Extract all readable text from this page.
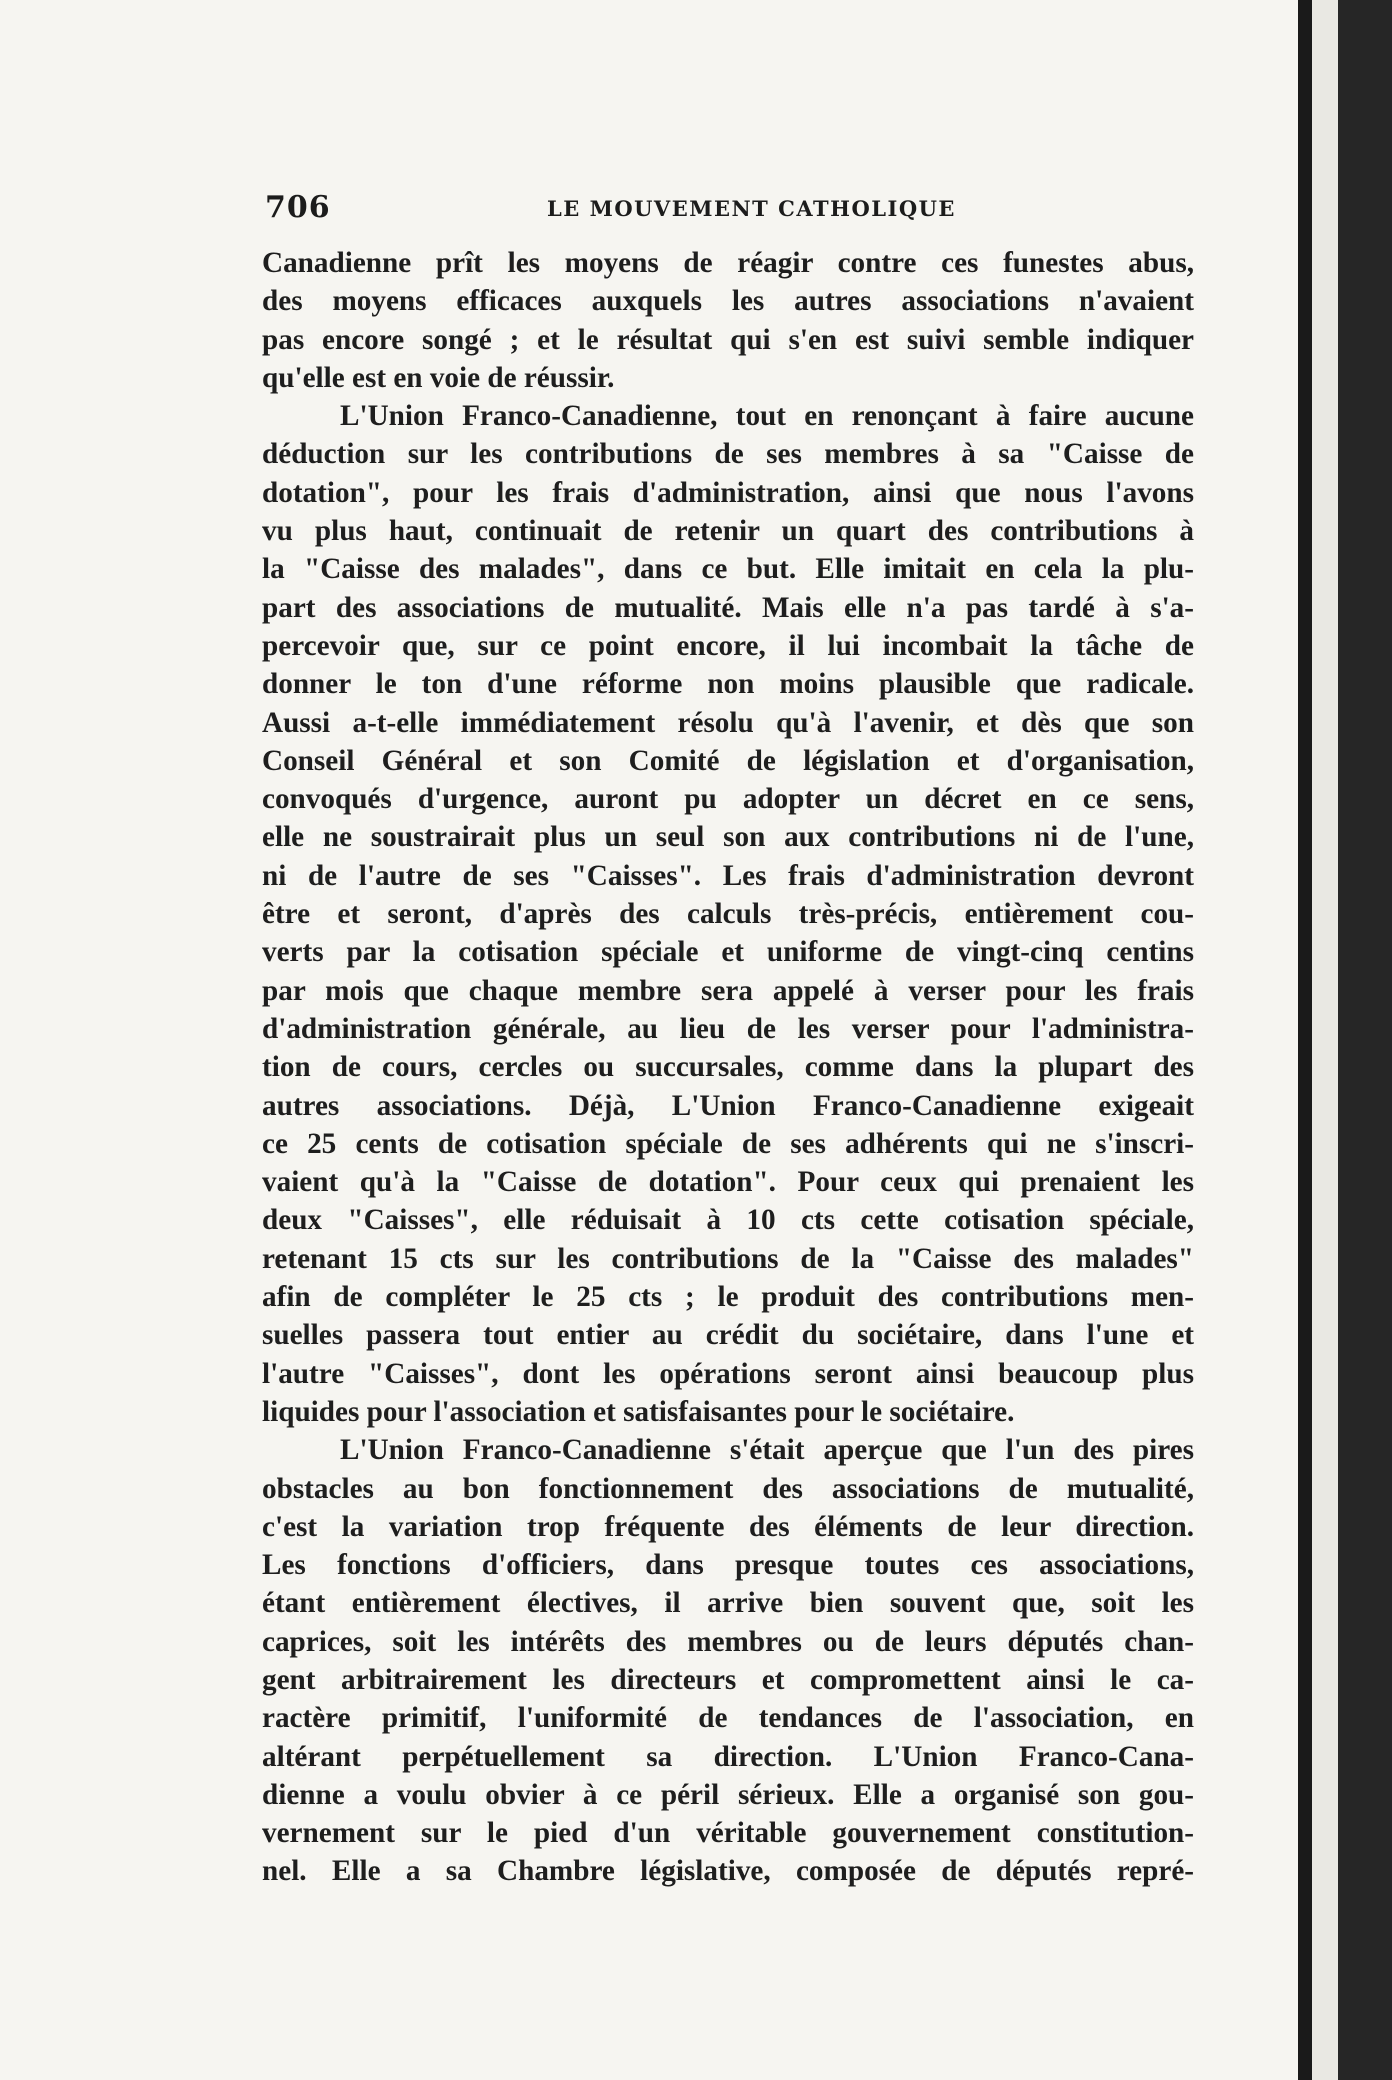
706	LE MOUVEMENT CATHOLIQUE
Canadienne prît les moyens de réagir contre ces funestes abus,
des moyens efficaces auxquels les autres associations n'avaient
pas encore songé ; et le résultat qui s'en est suivi semble indiquer
qu'elle est en voie de réussir.
L'Union Franco-Canadienne, tout en renonçant à faire aucune
déduction sur les contributions de ses membres à sa "Caisse de
dotation", pour les frais d'administration, ainsi que nous l'avons
vu plus haut, continuait de retenir un quart des contributions à
la "Caisse des malades", dans ce but. Elle imitait en cela la plu-
part des associations de mutualité. Mais elle n'a pas tardé à s'a-
percevoir que, sur ce point encore, il lui incombait la tâche de
donner le ton d'une réforme non moins plausible que radicale.
Aussi a-t-elle immédiatement résolu qu'à l'avenir, et dès que son
Conseil Général et son Comité de législation et d'organisation,
convoqués d'urgence, auront pu adopter un décret en ce sens,
elle ne soustrairait plus un seul son aux contributions ni de l'une,
ni de l'autre de ses "Caisses". Les frais d'administration devront
être et seront, d'après des calculs très-précis, entièrement cou-
verts par la cotisation spéciale et uniforme de vingt-cinq centins
par mois que chaque membre sera appelé à verser pour les frais
d'administration générale, au lieu de les verser pour l'administra-
tion de cours, cercles ou succursales, comme dans la plupart des
autres associations. Déjà, L'Union Franco-Canadienne exigeait
ce 25 cents de cotisation spéciale de ses adhérents qui ne s'inscri-
vaient qu'à la "Caisse de dotation". Pour ceux qui prenaient les
deux "Caisses", elle réduisait à 10 cts cette cotisation spéciale,
retenant 15 cts sur les contributions de la "Caisse des malades"
afin de compléter le 25 cts ; le produit des contributions men-
suelles passera tout entier au crédit du sociétaire, dans l'une et
l'autre "Caisses", dont les opérations seront ainsi beaucoup plus
liquides pour l'association et satisfaisantes pour le sociétaire.
L'Union Franco-Canadienne s'était aperçue que l'un des pires
obstacles au bon fonctionnement des associations de mutualité,
c'est la variation trop fréquente des éléments de leur direction.
Les fonctions d'officiers, dans presque toutes ces associations,
étant entièrement électives, il arrive bien souvent que, soit les
caprices, soit les intérêts des membres ou de leurs députés chan-
gent arbitrairement les directeurs et compromettent ainsi le ca-
ractère primitif, l'uniformité de tendances de l'association, en
altérant perpétuellement sa direction. L'Union Franco-Cana-
dienne a voulu obvier à ce péril sérieux. Elle a organisé son gou-
vernement sur le pied d'un véritable gouvernement constitution-
nel. Elle a sa Chambre législative, composée de députés repré-
